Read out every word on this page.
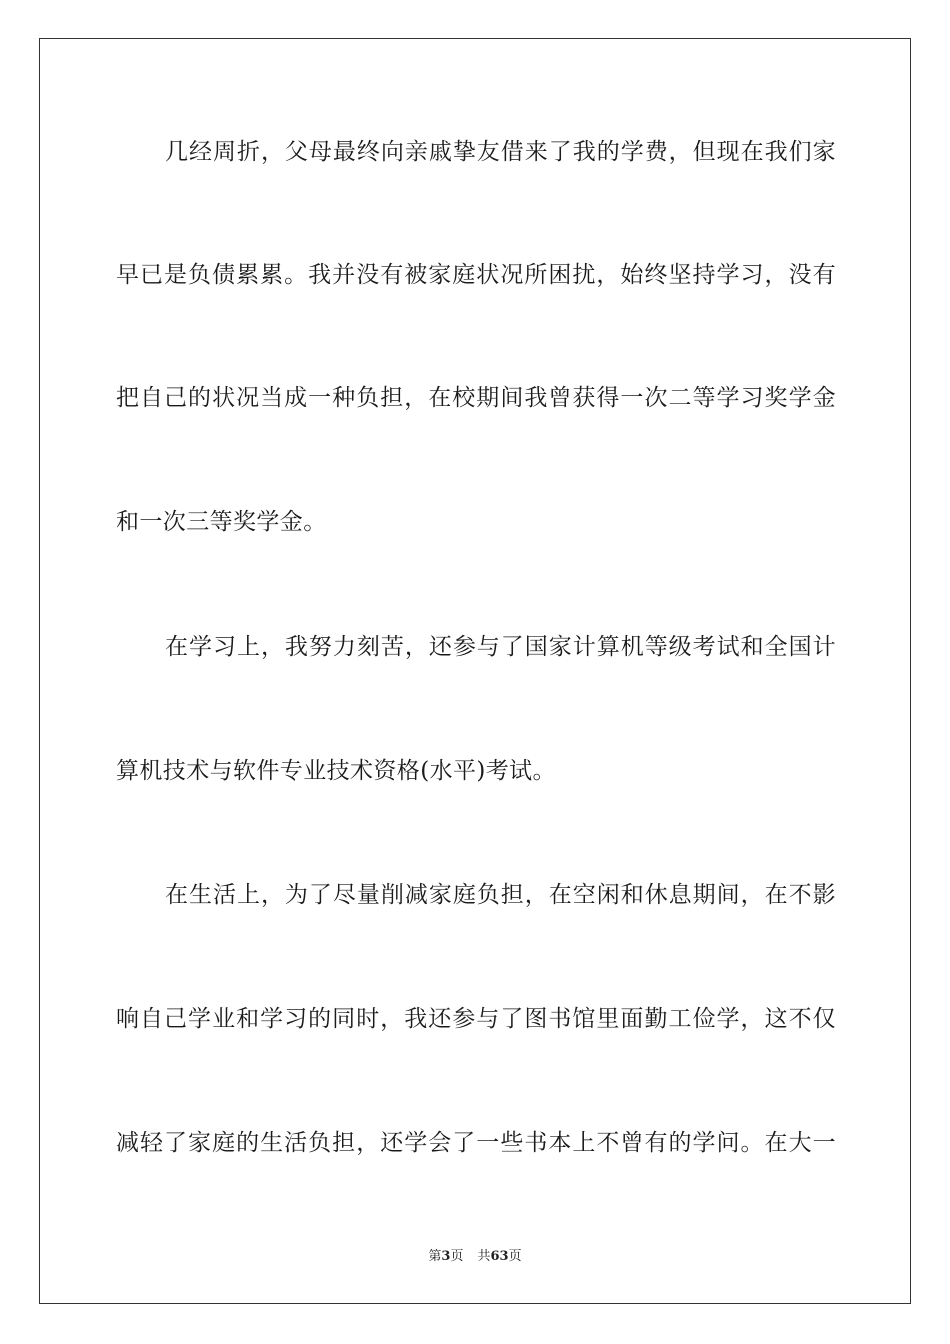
几经周折，父母最终向亲戚挚友借来了我的学费，但现在我们家
早已是负债累累。我并没有被家庭状况所困扰，始终坚持学习，没有
把自己的状况当成一种负担，在校期间我曾获得一次二等学习奖学金
和一次三等奖学金。
在学习上，我努力刻苦，还参与了国家计算机等级考试和全国计
算机技术与软件专业技术资格(水平)考试。
在生活上，为了尽量削减家庭负担，在空闲和休息期间，在不影
响自己学业和学习的同时，我还参与了图书馆里面勤工俭学，这不仅
减轻了家庭的生活负担，还学会了一些书本上不曾有的学问。在大一
第3页 共63页
